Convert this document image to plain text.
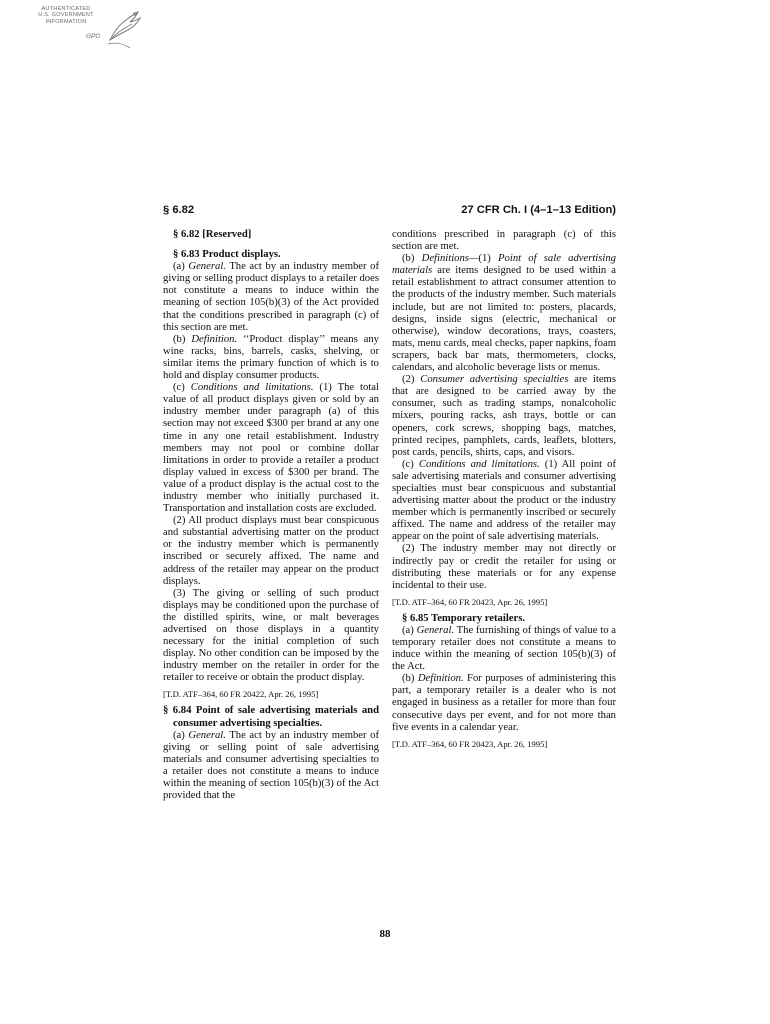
AUTHENTICATED
U.S. GOVERNMENT
INFORMATION
GPO
§ 6.82	27 CFR Ch. I (4–1–13 Edition)

§ 6.82 [Reserved]

§ 6.83 Product displays.

(a) General. The act by an industry member of giving or selling product displays to a retailer does not constitute a means to induce within the meaning of section 105(b)(3) of the Act provided that the conditions prescribed in paragraph (c) of this section are met.

(b) Definition. ‘‘Product display’’ means any wine racks, bins, barrels, casks, shelving, or similar items the primary function of which is to hold and display consumer products.

(c) Conditions and limitations. (1) The total value of all product displays given or sold by an industry member under paragraph (a) of this section may not exceed $300 per brand at any one time in any one retail establishment. Industry members may not pool or combine dollar limitations in order to provide a retailer a product display valued in excess of $300 per brand. The value of a product display is the actual cost to the industry member who initially purchased it. Transportation and installation costs are excluded.

(2) All product displays must bear conspicuous and substantial advertising matter on the product or the industry member which is permanently inscribed or securely affixed. The name and address of the retailer may appear on the product displays.

(3) The giving or selling of such product displays may be conditioned upon the purchase of the distilled spirits, wine, or malt beverages advertised on those displays in a quantity necessary for the initial completion of such display. No other condition can be imposed by the industry member on the retailer in order for the retailer to receive or obtain the product display.

[T.D. ATF–364, 60 FR 20422, Apr. 26, 1995]

§ 6.84 Point of sale advertising materials and consumer advertising specialties.

(a) General. The act by an industry member of giving or selling point of sale advertising materials and consumer advertising specialties to a retailer does not constitute a means to induce within the meaning of section 105(b)(3) of the Act provided that the

conditions prescribed in paragraph (c) of this section are met.

(b) Definitions—(1) Point of sale advertising materials are items designed to be used within a retail establishment to attract consumer attention to the products of the industry member. Such materials include, but are not limited to: posters, placards, designs, inside signs (electric, mechanical or otherwise), window decorations, trays, coasters, mats, menu cards, meal checks, paper napkins, foam scrapers, back bar mats, thermometers, clocks, calendars, and alcoholic beverage lists or menus.

(2) Consumer advertising specialties are items that are designed to be carried away by the consumer, such as trading stamps, nonalcoholic mixers, pouring racks, ash trays, bottle or can openers, cork screws, shopping bags, matches, printed recipes, pamphlets, cards, leaflets, blotters, post cards, pencils, shirts, caps, and visors.

(c) Conditions and limitations. (1) All point of sale advertising materials and consumer advertising specialties must bear conspicuous and substantial advertising matter about the product or the industry member which is permanently inscribed or securely affixed. The name and address of the retailer may appear on the point of sale advertising materials.

(2) The industry member may not directly or indirectly pay or credit the retailer for using or distributing these materials or for any expense incidental to their use.

[T.D. ATF–364, 60 FR 20423, Apr. 26, 1995]

§ 6.85 Temporary retailers.

(a) General. The furnishing of things of value to a temporary retailer does not constitute a means to induce within the meaning of section 105(b)(3) of the Act.

(b) Definition. For purposes of administering this part, a temporary retailer is a dealer who is not engaged in business as a retailer for more than four consecutive days per event, and for not more than five events in a calendar year.

[T.D. ATF–364, 60 FR 20423, Apr. 26, 1995]

88
